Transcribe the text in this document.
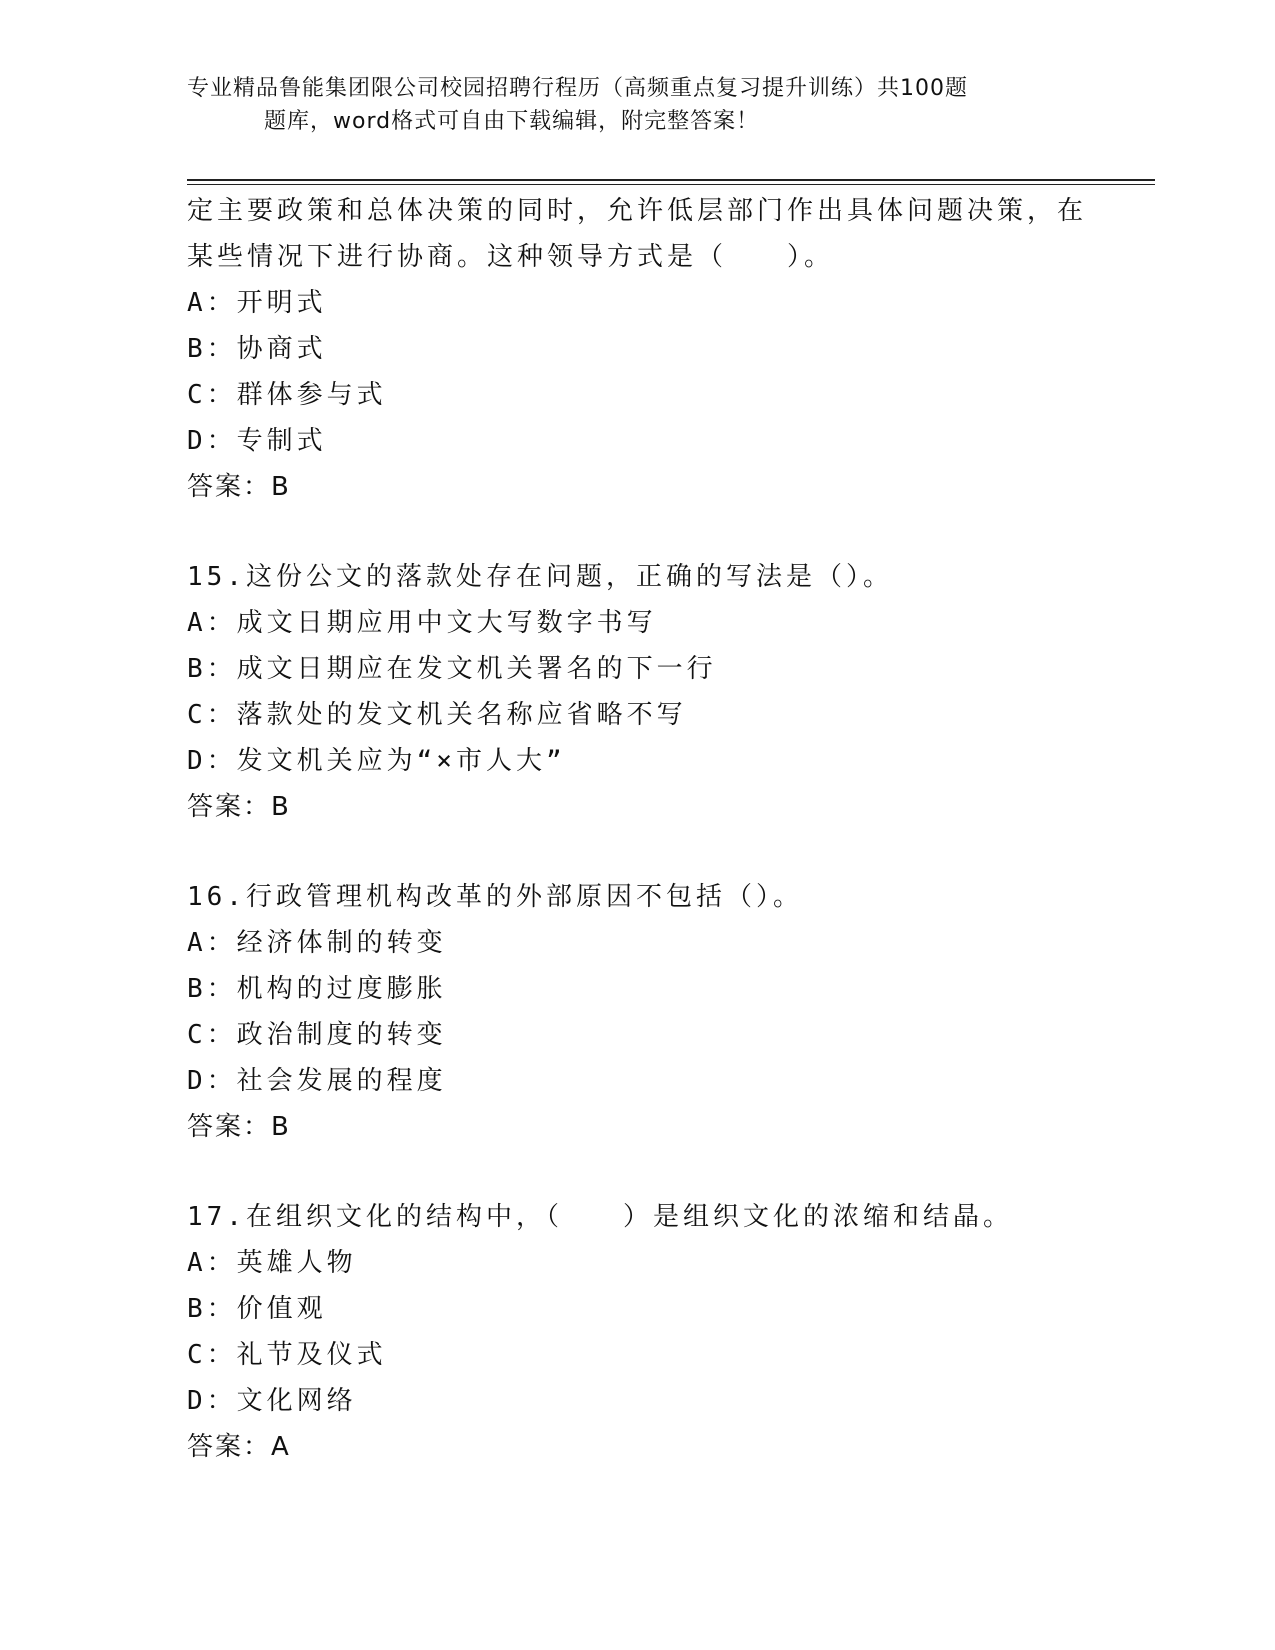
专业精品鲁能集团限公司校园招聘行程历（高频重点复习提升训练）共100题
题库，word格式可自由下载编辑，附完整答案！
定主要政策和总体决策的同时，允许低层部门作出具体问题决策，在
某些情况下进行协商。这种领导方式是（　　）。
A：开明式
B：协商式
C：群体参与式
D：专制式
答案：B
15.这份公文的落款处存在问题，正确的写法是（）。
A：成文日期应用中文大写数字书写
B：成文日期应在发文机关署名的下一行
C：落款处的发文机关名称应省略不写
D：发文机关应为“×市人大”
答案：B
16.行政管理机构改革的外部原因不包括（）。
A：经济体制的转变
B：机构的过度膨胀
C：政治制度的转变
D：社会发展的程度
答案：B
17.在组织文化的结构中，（　　）是组织文化的浓缩和结晶。
A：英雄人物
B：价值观
C：礼节及仪式
D：文化网络
答案：A
